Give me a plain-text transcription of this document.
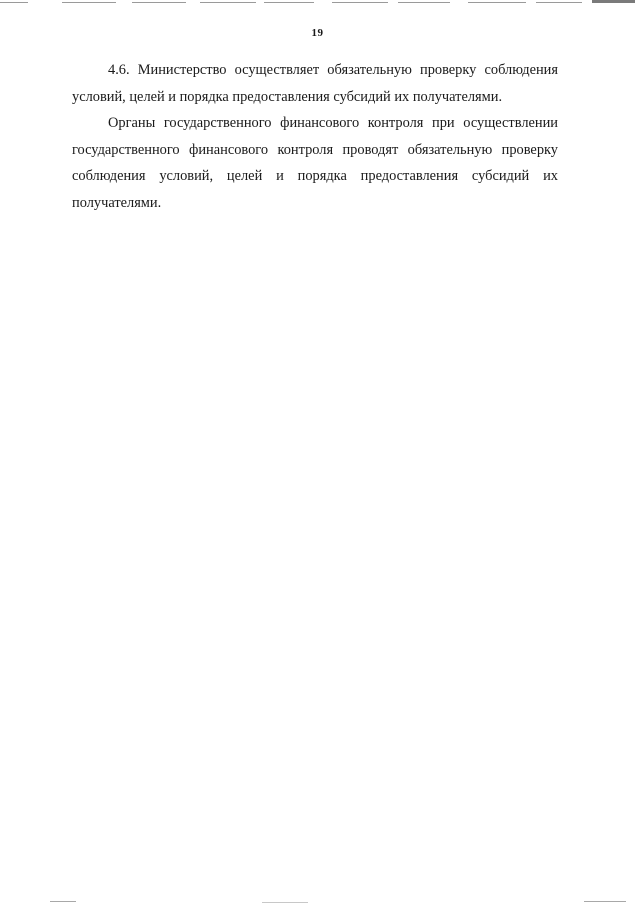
19

4.6. Министерство осуществляет обязательную проверку соблюдения условий, целей и порядка предоставления субсидий их получателями.

Органы государственного финансового контроля при осуществлении государственного финансового контроля проводят обязательную проверку соблюдения условий, целей и порядка предоставления субсидий их получателями.
